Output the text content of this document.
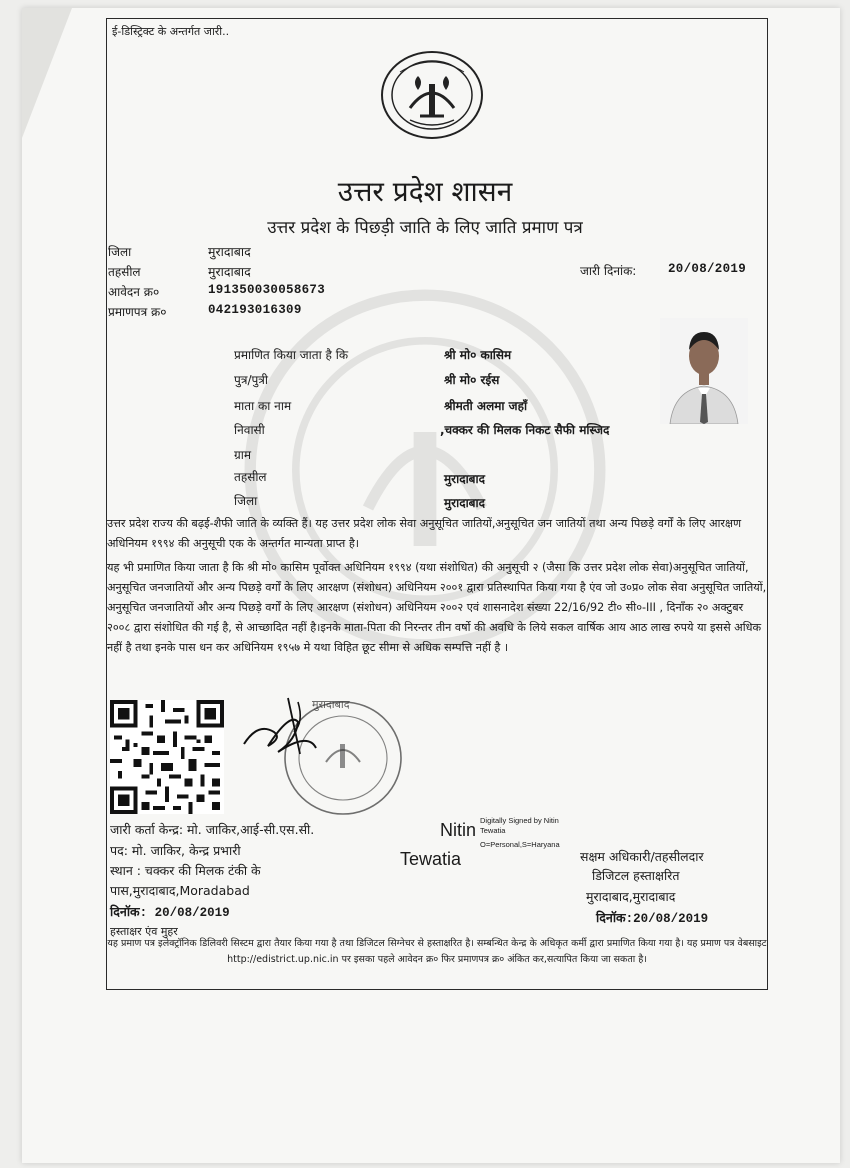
ई-डिस्ट्रिक्ट के अन्तर्गत जारी..
उत्तर प्रदेश शासन
उत्तर प्रदेश के पिछड़ी जाति के लिए जाति प्रमाण पत्र
जिला	मुरादाबाद
तहसील	मुरादाबाद
आवेदन क्र०	191350030058673
प्रमाणपत्र क्र०	042193016309
जारी दिनांक:	20/08/2019
प्रमाणित किया जाता है कि	श्री मो० कासिम
पुत्र/पुत्री	श्री मो० रईस
माता का नाम	श्रीमती अलमा जहाँ
निवासी	,चक्कर की मिलक निकट सैफी मस्जिद
ग्राम
तहसील	मुरादाबाद
जिला	मुरादाबाद
उत्तर प्रदेश राज्य की बढ़ई-शैफी जाति के व्यक्ति हैं। यह उत्तर प्रदेश लोक सेवा अनुसूचित जातियों,अनुसूचित जन जातियों तथा अन्य पिछड़े वर्गों के लिए आरक्षण अधिनियम १९९४ की अनुसूची एक के अन्तर्गत मान्यता प्राप्त है।
यह भी प्रमाणित किया जाता है कि श्री मो० कासिम पूर्वोक्त अधिनियम १९९४ (यथा संशोधित) की अनुसूची २ (जैसा कि उत्तर प्रदेश लोक सेवा)अनुसूचित जातियों, अनुसूचित जनजातियों और अन्य पिछड़े वर्गों के लिए आरक्षण (संशोधन) अधिनियम २००१ द्वारा प्रतिस्थापित किया गया है एंव जो उ०प्र० लोक सेवा अनुसूचित जातियों, अनुसूचित जनजातियों और अन्य पिछड़े वर्गों के लिए आरक्षण (संशोधन) अधिनियम २००२ एवं शासनादेश संख्या 22/16/92 टी० सी०-III , दिनाँक २० अक्टुबर २००८ द्वारा संशोधित की गई है, से आच्छादित नहीं है।इनके माता-पिता की निरन्तर तीन वर्षो की अवधि के लिये सकल वार्षिक आय आठ लाख रुपये या इससे अधिक नहीं है तथा इनके पास धन कर अधिनियम १९५७ मे यथा विहित छूट सीमा से अधिक सम्पत्ति नहीं है ।
मुरादाबाद
जारी कर्ता केन्द्र: मो. जाकिर,आई-सी.एस.सी.
पद: मो. जाकिर, केन्द्र प्रभारी
स्थान : चक्कर की मिलक टंकी के
पास,मुरादाबाद,Moradabad
दिनॉक: 20/08/2019
हस्ताक्षर एंव मुहर
Nitin
Tewatia
Digitally Signed by Nitin
Tewatia
O=Personal,S=Haryana
सक्षम अधिकारी/तहसीलदार
डिजिटल हस्ताक्षरित
मुरादाबाद,मुरादाबाद
दिनॉक:20/08/2019
यह प्रमाण पत्र इलेक्ट्रॉनिक डिलिवरी सिस्टम द्वारा तैयार किया गया है तथा डिजिटल सिग्नेचर से हस्ताक्षरित है। सम्बन्धित केन्द्र के अधिकृत कर्मी द्वारा प्रमाणित किया गया है। यह प्रमाण पत्र वेबसाइट http://edistrict.up.nic.in पर इसका पहले आवेदन क्र० फिर प्रमाणपत्र क्र० अंकित कर,सत्यापित किया जा सकता है।
